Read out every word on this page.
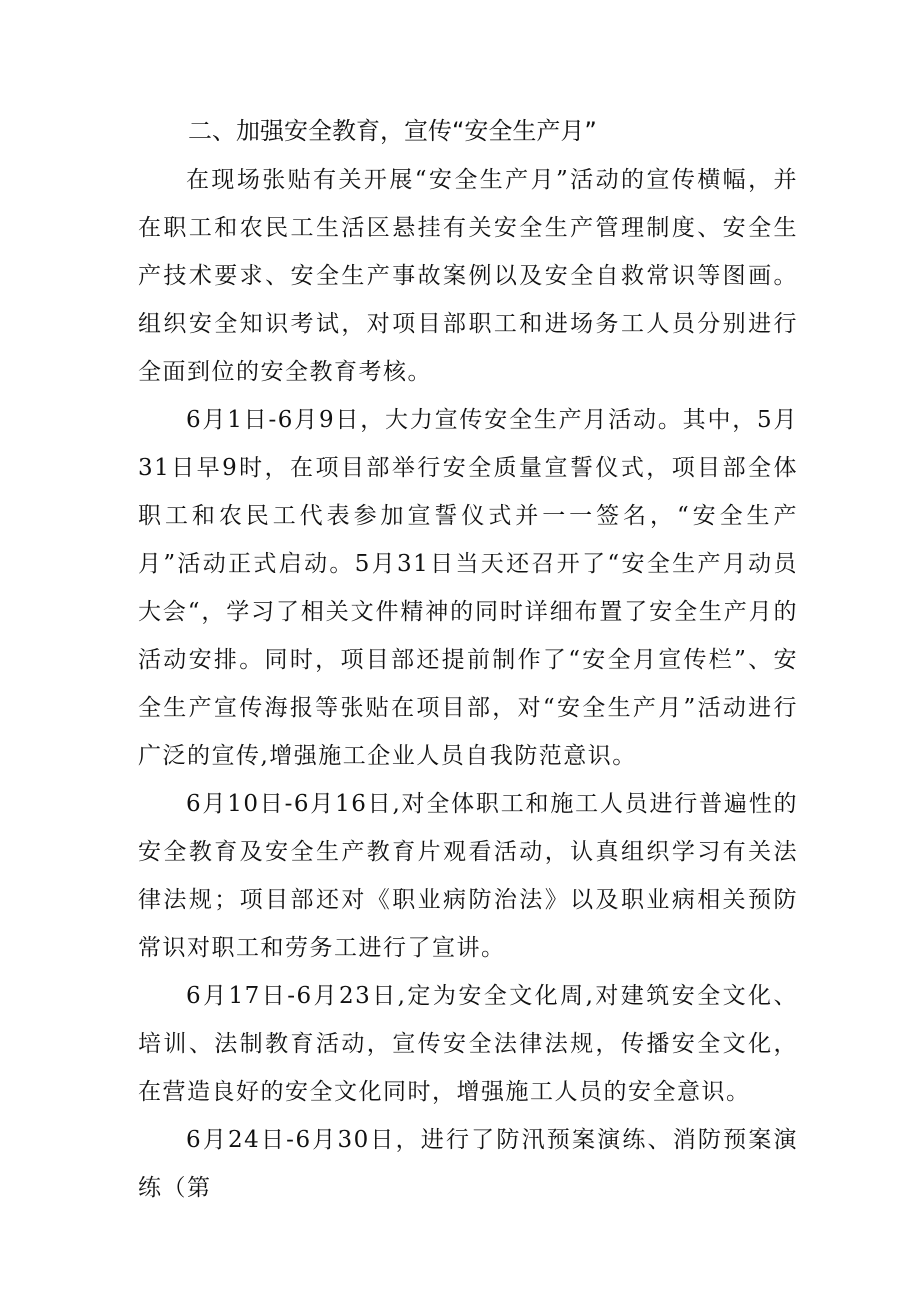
二、加强安全教育，宣传“安全生产月”

在现场张贴有关开展“安全生产月”活动的宣传横幅，并在职工和农民工生活区悬挂有关安全生产管理制度、安全生产技术要求、安全生产事故案例以及安全自救常识等图画。组织安全知识考试，对项目部职工和进场务工人员分别进行全面到位的安全教育考核。

6月1日-6月9日，大力宣传安全生产月活动。其中，5月31日早9时，在项目部举行安全质量宣誓仪式，项目部全体职工和农民工代表参加宣誓仪式并一一签名，“安全生产月”活动正式启动。5月31日当天还召开了“安全生产月动员大会“，学习了相关文件精神的同时详细布置了安全生产月的活动安排。同时，项目部还提前制作了“安全月宣传栏”、安全生产宣传海报等张贴在项目部，对“安全生产月”活动进行广泛的宣传,增强施工企业人员自我防范意识。

6月10日-6月16日,对全体职工和施工人员进行普遍性的安全教育及安全生产教育片观看活动，认真组织学习有关法律法规；项目部还对《职业病防治法》以及职业病相关预防常识对职工和劳务工进行了宣讲。

6月17日-6月23日,定为安全文化周,对建筑安全文化、培训、法制教育活动，宣传安全法律法规，传播安全文化，在营造良好的安全文化同时，增强施工人员的安全意识。

6月24日-6月30日，进行了防汛预案演练、消防预案演练（第
